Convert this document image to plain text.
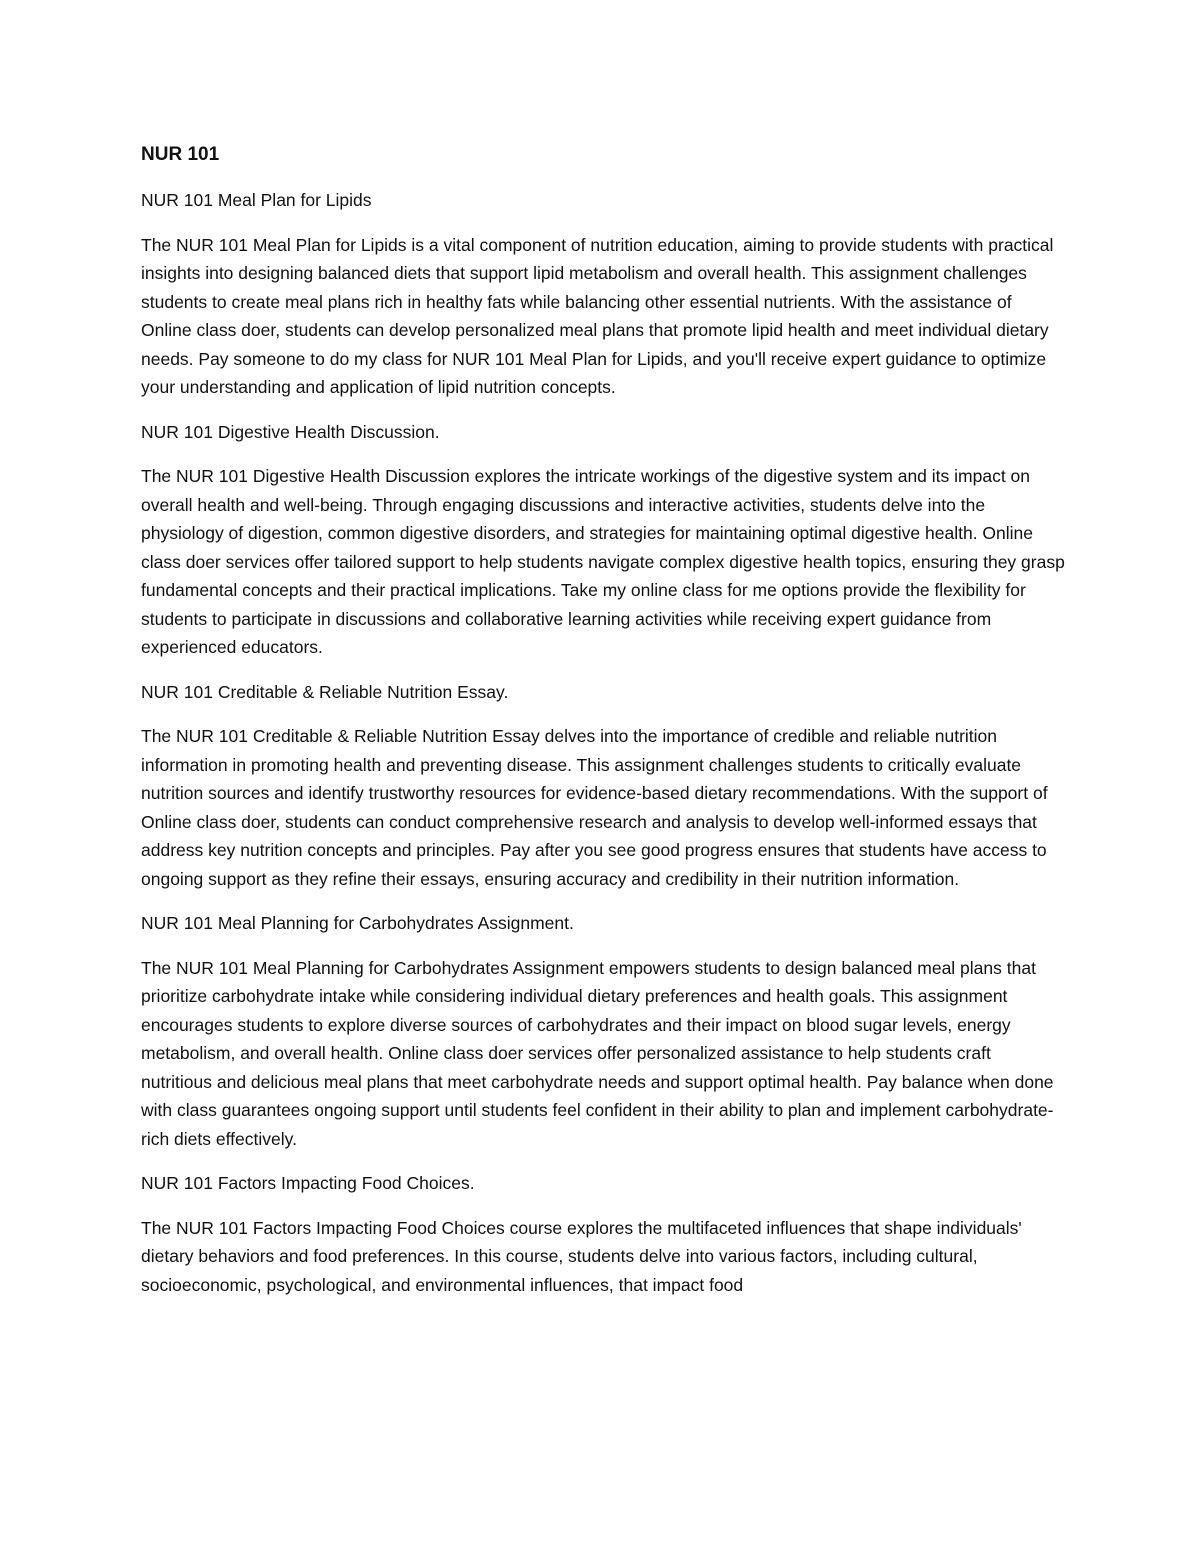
NUR 101
NUR 101 Meal Plan for Lipids
The NUR 101 Meal Plan for Lipids is a vital component of nutrition education, aiming to provide students with practical insights into designing balanced diets that support lipid metabolism and overall health. This assignment challenges students to create meal plans rich in healthy fats while balancing other essential nutrients. With the assistance of Online class doer, students can develop personalized meal plans that promote lipid health and meet individual dietary needs. Pay someone to do my class for NUR 101 Meal Plan for Lipids, and you'll receive expert guidance to optimize your understanding and application of lipid nutrition concepts.
NUR 101 Digestive Health Discussion.
The NUR 101 Digestive Health Discussion explores the intricate workings of the digestive system and its impact on overall health and well-being. Through engaging discussions and interactive activities, students delve into the physiology of digestion, common digestive disorders, and strategies for maintaining optimal digestive health. Online class doer services offer tailored support to help students navigate complex digestive health topics, ensuring they grasp fundamental concepts and their practical implications. Take my online class for me options provide the flexibility for students to participate in discussions and collaborative learning activities while receiving expert guidance from experienced educators.
NUR 101 Creditable & Reliable Nutrition Essay.
The NUR 101 Creditable & Reliable Nutrition Essay delves into the importance of credible and reliable nutrition information in promoting health and preventing disease. This assignment challenges students to critically evaluate nutrition sources and identify trustworthy resources for evidence-based dietary recommendations. With the support of Online class doer, students can conduct comprehensive research and analysis to develop well-informed essays that address key nutrition concepts and principles. Pay after you see good progress ensures that students have access to ongoing support as they refine their essays, ensuring accuracy and credibility in their nutrition information.
NUR 101 Meal Planning for Carbohydrates Assignment.
The NUR 101 Meal Planning for Carbohydrates Assignment empowers students to design balanced meal plans that prioritize carbohydrate intake while considering individual dietary preferences and health goals. This assignment encourages students to explore diverse sources of carbohydrates and their impact on blood sugar levels, energy metabolism, and overall health. Online class doer services offer personalized assistance to help students craft nutritious and delicious meal plans that meet carbohydrate needs and support optimal health. Pay balance when done with class guarantees ongoing support until students feel confident in their ability to plan and implement carbohydrate-rich diets effectively.
NUR 101 Factors Impacting Food Choices.
The NUR 101 Factors Impacting Food Choices course explores the multifaceted influences that shape individuals' dietary behaviors and food preferences. In this course, students delve into various factors, including cultural, socioeconomic, psychological, and environmental influences, that impact food
